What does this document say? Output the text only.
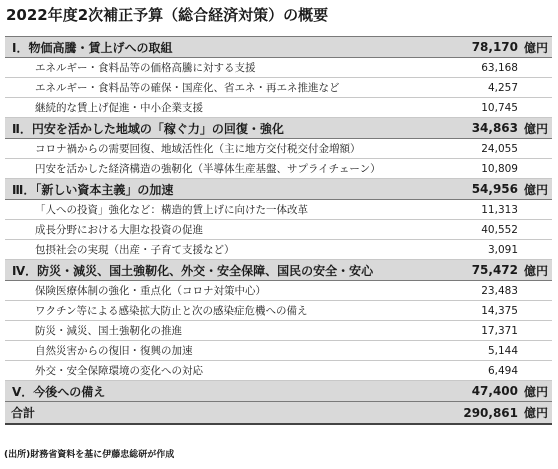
2022年度2次補正予算（総合経済対策）の概要
Ⅰ．物価高騰・賃上げへの取組	78,170	億円
エネルギー・食料品等の価格高騰に対する支援	63,168	
エネルギー・食料品等の確保・国産化、省エネ・再エネ推進など	4,257	
継続的な賃上げ促進・中小企業支援	10,745	
Ⅱ．円安を活かした地域の「稼ぐ力」の回復・強化	34,863	億円
コロナ禍からの需要回復、地域活性化（主に地方交付税交付金増額）	24,055	
円安を活かした経済構造の強靭化（半導体生産基盤、サプライチェーン）	10,809	
Ⅲ．「新しい資本主義」の加速	54,956	億円
「人への投資」強化など：構造的賃上げに向けた一体改革	11,313	
成長分野における大胆な投資の促進	40,552	
包摂社会の実現（出産・子育て支援など）	3,091	
Ⅳ．防災・減災、国土強靭化、外交・安全保障、国民の安全・安心	75,472	億円
保険医療体制の強化・重点化（コロナ対策中心）	23,483	
ワクチン等による感染拡大防止と次の感染症危機への備え	14,375	
防災・減災、国土強靭化の推進	17,371	
自然災害からの復旧・復興の加速	5,144	
外交・安全保障環境の変化への対応	6,494	
Ⅴ．今後への備え	47,400	億円
合計	290,861	億円
(出所)財務省資料を基に伊藤忠総研が作成
